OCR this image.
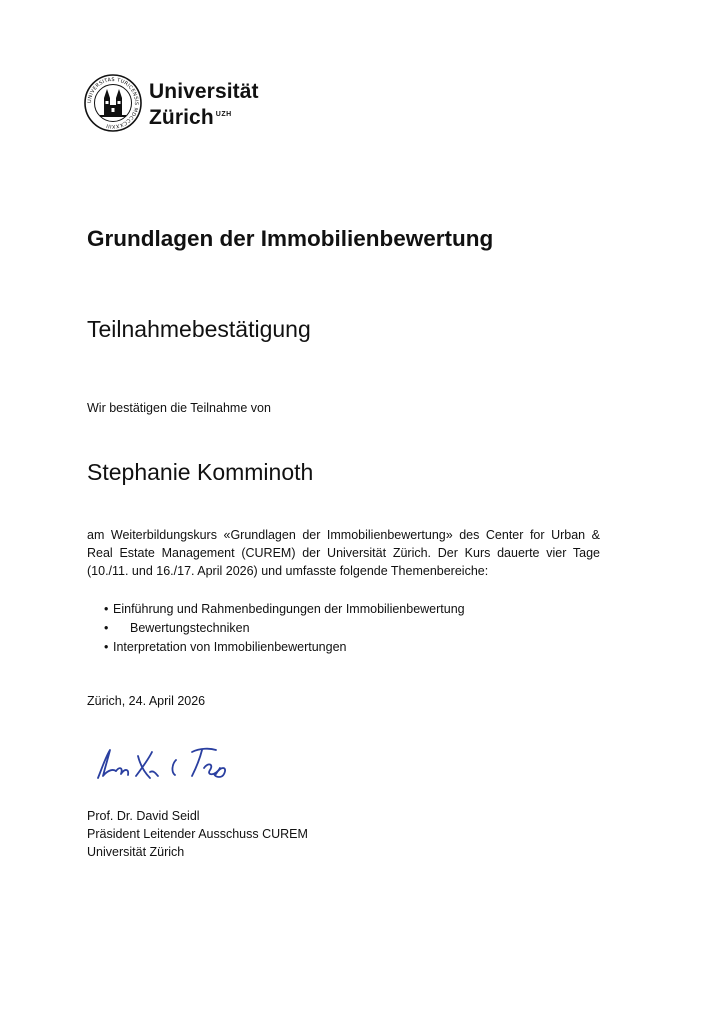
UNIVERSITAS TURICENSIS MDCCCXXXIII
Universität
Zürich $^{UZH}$
Grundlagen der Immobilienbewertung
Teilnahmebestätigung

Wir bestätigen die Teilnahme von

Stephanie Komminoth

am Weiterbildungskurs «Grundlagen der Immobilienbewertung» des Center for Urban & Real Estate Management (CUREM) der Universität Zürich. Der Kurs dauerte vier Tage (10./11. und 16./17. April 2026) und umfasste folgende Themenbereiche:

• Einführung und Rahmenbedingungen der Immobilienbewertung
• Bewertungstechniken
• Interpretation von Immobilienbewertungen

Zürich, 24. April 2026

Prof. Dr. David Seidl
Präsident Leitender Ausschuss CUREM
Universität Zürich
